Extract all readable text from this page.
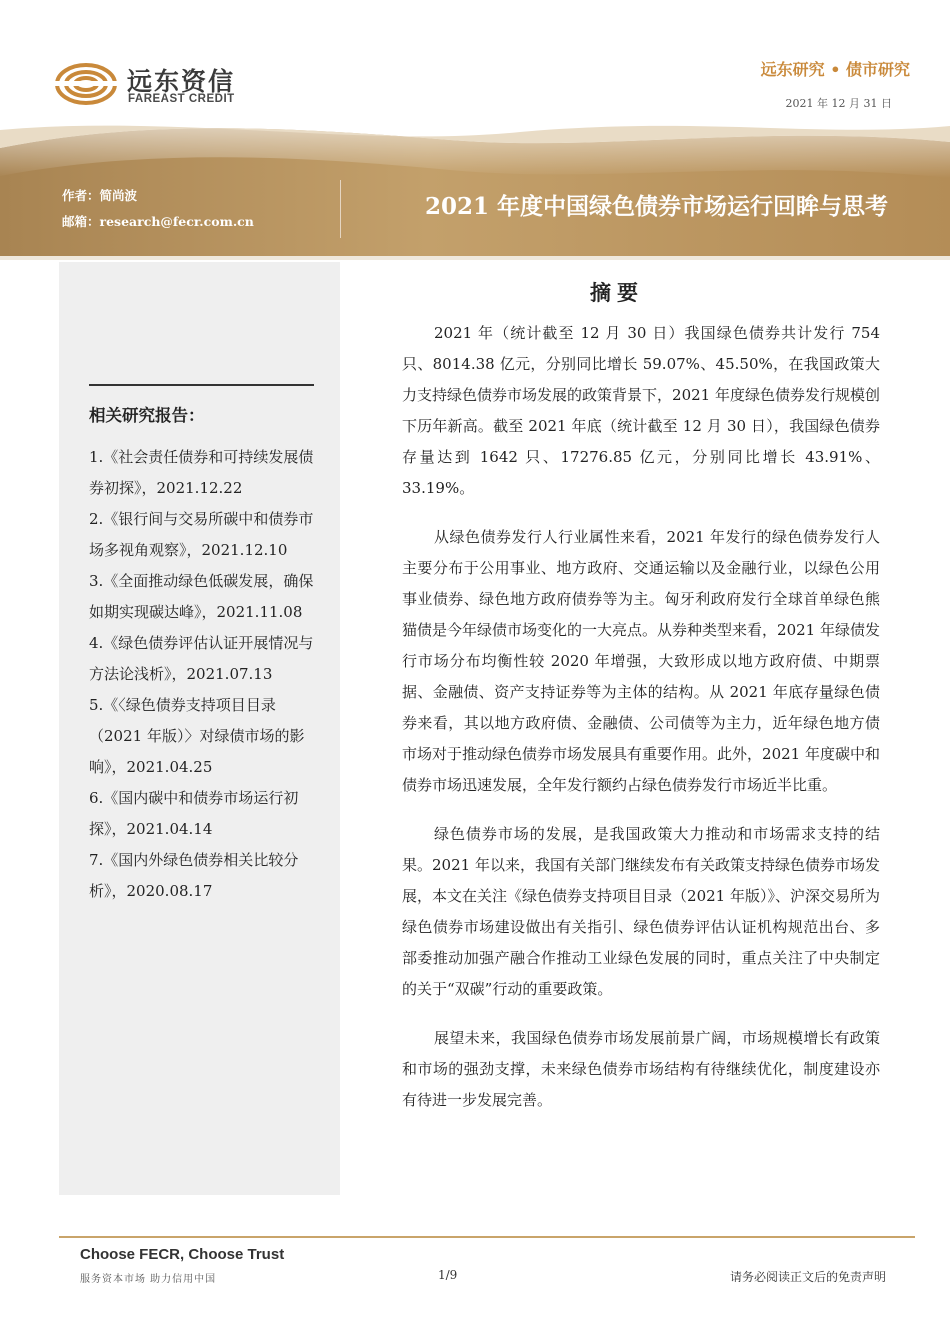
远东资信
FAREAST CREDIT
远东研究 • 债市研究
2021 年 12 月 31 日
作者：简尚波
邮箱：research@fecr.com.cn
2021 年度中国绿色债券市场运行回眸与思考
相关研究报告：
1.《社会责任债券和可持续发展债券初探》，2021.12.22
2.《银行间与交易所碳中和债券市场多视角观察》，2021.12.10
3.《全面推动绿色低碳发展，确保如期实现碳达峰》，2021.11.08
4.《绿色债券评估认证开展情况与方法论浅析》，2021.07.13
5.《〈绿色债券支持项目目录（2021 年版）〉对绿债市场的影响》，2021.04.25
6.《国内碳中和债券市场运行初探》，2021.04.14
7.《国内外绿色债券相关比较分析》，2020.08.17
摘要

2021 年（统计截至 12 月 30 日）我国绿色债券共计发行 754 只、8014.38 亿元，分别同比增长 59.07%、45.50%，在我国政策大力支持绿色债券市场发展的政策背景下，2021 年度绿色债券发行规模创下历年新高。截至 2021 年底（统计截至 12 月 30 日），我国绿色债券存量达到 1642 只、17276.85 亿元，分别同比增长 43.91%、33.19%。

从绿色债券发行人行业属性来看，2021 年发行的绿色债券发行人主要分布于公用事业、地方政府、交通运输以及金融行业，以绿色公用事业债券、绿色地方政府债券等为主。匈牙利政府发行全球首单绿色熊猫债是今年绿债市场变化的一大亮点。从券种类型来看，2021 年绿债发行市场分布均衡性较 2020 年增强，大致形成以地方政府债、中期票据、金融债、资产支持证券等为主体的结构。从 2021 年底存量绿色债券来看，其以地方政府债、金融债、公司债等为主力，近年绿色地方债市场对于推动绿色债券市场发展具有重要作用。此外，2021 年度碳中和债券市场迅速发展，全年发行额约占绿色债券发行市场近半比重。

绿色债券市场的发展，是我国政策大力推动和市场需求支持的结果。2021 年以来，我国有关部门继续发布有关政策支持绿色债券市场发展，本文在关注《绿色债券支持项目目录（2021 年版）》、沪深交易所为绿色债券市场建设做出有关指引、绿色债券评估认证机构规范出台、多部委推动加强产融合作推动工业绿色发展的同时，重点关注了中央制定的关于“双碳”行动的重要政策。

展望未来，我国绿色债券市场发展前景广阔，市场规模增长有政策和市场的强劲支撑，未来绿色债券市场结构有待继续优化，制度建设亦有待进一步发展完善。

Choose FECR, Choose Trust
服务资本市场 助力信用中国	1/9	请务必阅读正文后的免责声明
